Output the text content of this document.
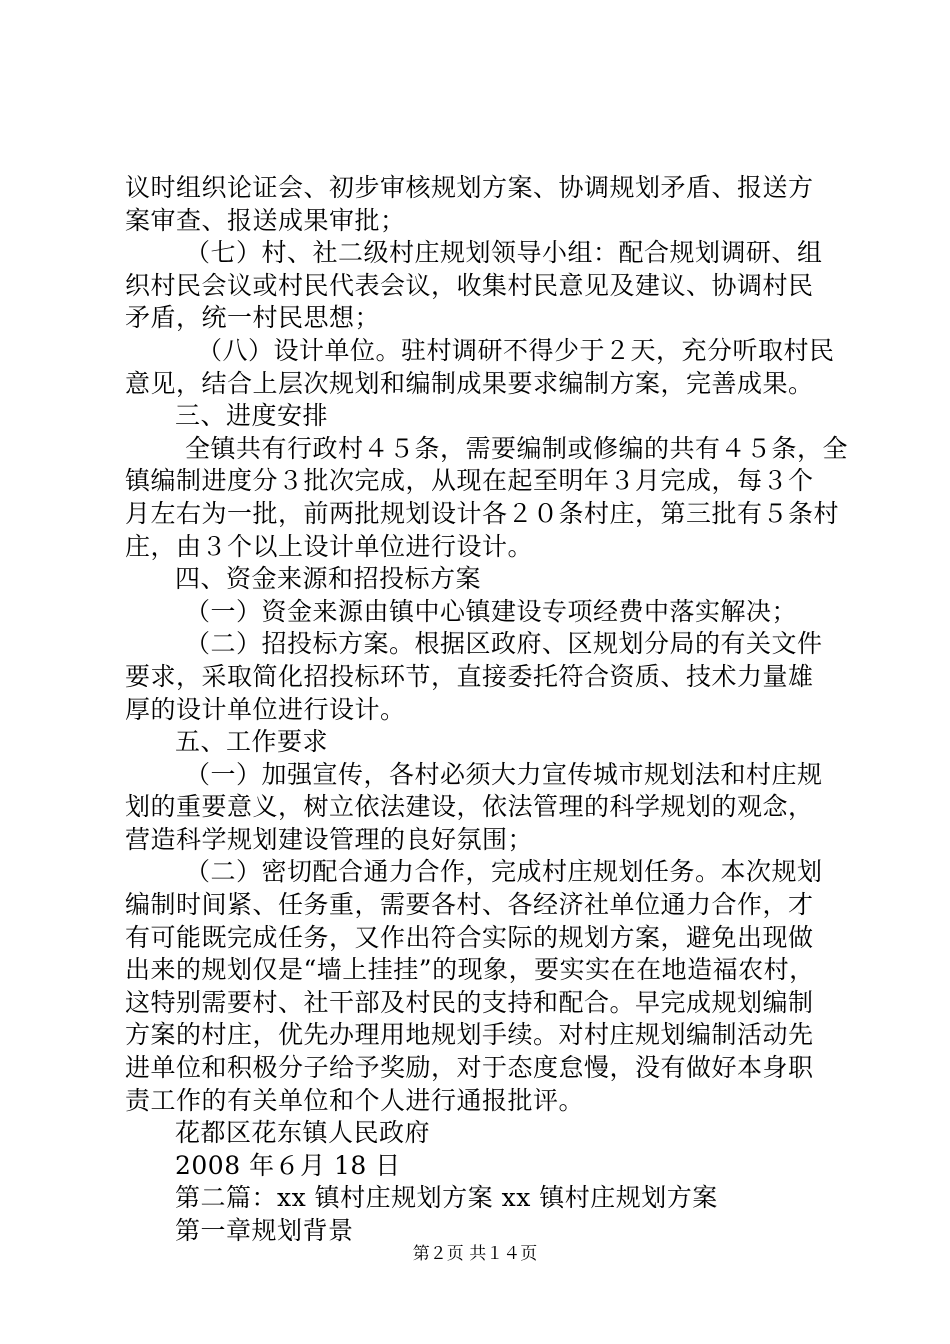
议时组织论证会、初步审核规划方案、协调规划矛盾、报送方
案审查、报送成果审批；
（七）村、社二级村庄规划领导小组：配合规划调研、组
织村民会议或村民代表会议，收集村民意见及建议、协调村民
矛盾，统一村民思想；
（八）设计单位。驻村调研不得少于２天，充分听取村民
意见，结合上层次规划和编制成果要求编制方案，完善成果。
三、进度安排
全镇共有行政村４５条，需要编制或修编的共有４５条，全
镇编制进度分３批次完成，从现在起至明年３月完成，每３个
月左右为一批，前两批规划设计各２０条村庄，第三批有５条村
庄，由３个以上设计单位进行设计。
四、资金来源和招投标方案
（一）资金来源由镇中心镇建设专项经费中落实解决；
（二）招投标方案。根据区政府、区规划分局的有关文件
要求，采取简化招投标环节，直接委托符合资质、技术力量雄
厚的设计单位进行设计。
五、工作要求
（一）加强宣传，各村必须大力宣传城市规划法和村庄规
划的重要意义，树立依法建设，依法管理的科学规划的观念，
营造科学规划建设管理的良好氛围；
（二）密切配合通力合作，完成村庄规划任务。本次规划
编制时间紧、任务重，需要各村、各经济社单位通力合作，才
有可能既完成任务，又作出符合实际的规划方案，避免出现做
出来的规划仅是“墙上挂挂”的现象，要实实在在地造福农村，
这特别需要村、社干部及村民的支持和配合。早完成规划编制
方案的村庄，优先办理用地规划手续。对村庄规划编制活动先
进单位和积极分子给予奖励，对于态度怠慢，没有做好本身职
责工作的有关单位和个人进行通报批评。
花都区花东镇人民政府
2008 年６月 18 日
第二篇：xx 镇村庄规划方案 xx 镇村庄规划方案
第一章规划背景
第２页 共１４页
